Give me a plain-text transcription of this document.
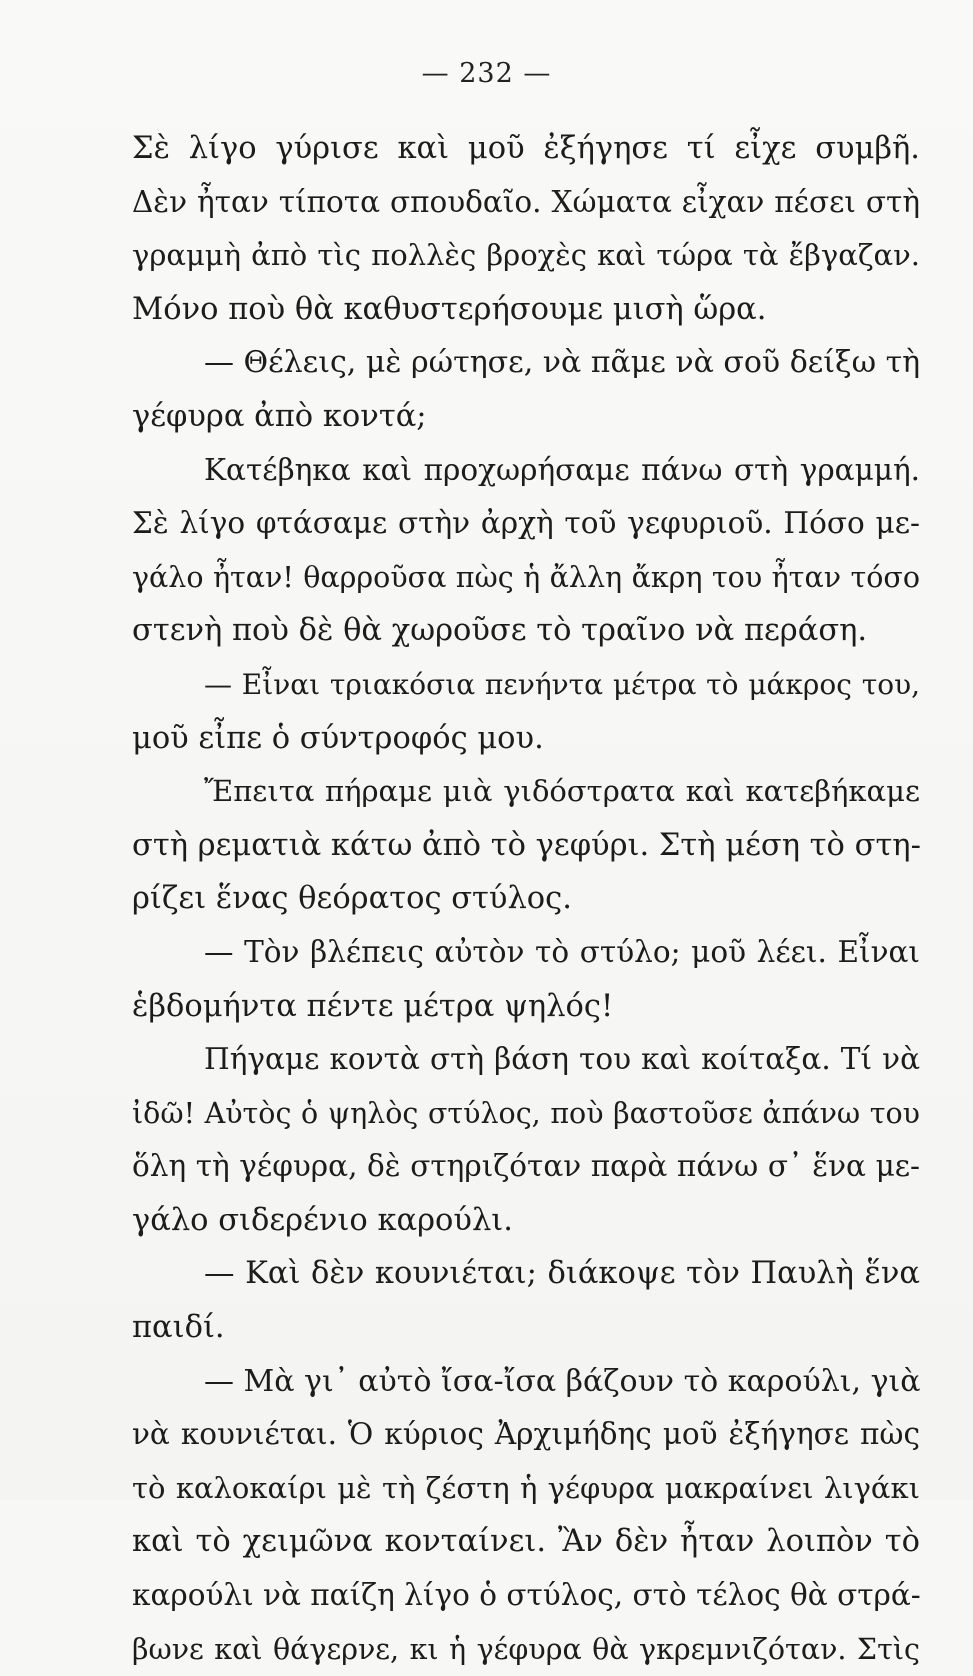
— 232 —
Σὲ λίγο γύρισε καὶ μοῦ ἐξήγησε τί εἶχε συμβῆ.
Δὲν ἦταν τίποτα σπουδαῖο. Χώματα εἶχαν πέσει στὴ
γραμμὴ ἀπὸ τὶς πολλὲς βροχὲς καὶ τώρα τὰ ἔβγαζαν.
Μόνο ποὺ θὰ καθυστερήσουμε μισὴ ὥρα.
— Θέλεις, μὲ ρώτησε, νὰ πᾶμε νὰ σοῦ δείξω τὴ
γέφυρα ἀπὸ κοντά;
Κατέβηκα καὶ προχωρήσαμε πάνω στὴ γραμμή.
Σὲ λίγο φτάσαμε στὴν ἀρχὴ τοῦ γεφυριοῦ. Πόσο με-
γάλο ἦταν! θαρροῦσα πὼς ἡ ἄλλη ἄκρη του ἦταν τόσο
στενὴ ποὺ δὲ θὰ χωροῦσε τὸ τραῖνο νὰ περάση.
— Εἶναι τριακόσια πενήντα μέτρα τὸ μάκρος του,
μοῦ εἶπε ὁ σύντροφός μου.
Ἔπειτα πήραμε μιὰ γιδόστρατα καὶ κατεβήκαμε
στὴ ρεματιὰ κάτω ἀπὸ τὸ γεφύρι. Στὴ μέση τὸ στη-
ρίζει ἕνας θεόρατος στύλος.
— Τὸν βλέπεις αὐτὸν τὸ στύλο; μοῦ λέει. Εἶναι
ἑβδομήντα πέντε μέτρα ψηλός!
Πήγαμε κοντὰ στὴ βάση του καὶ κοίταξα. Τί νὰ
ἰδῶ! Αὐτὸς ὁ ψηλὸς στύλος, ποὺ βαστοῦσε ἀπάνω του
ὅλη τὴ γέφυρα, δὲ στηριζόταν παρὰ πάνω σ᾽ ἕνα με-
γάλο σιδερένιο καρούλι.
— Καὶ δὲν κουνιέται; διάκοψε τὸν Παυλὴ ἕνα
παιδί.
— Μὰ γι᾽ αὐτὸ ἴσα-ἴσα βάζουν τὸ καρούλι, γιὰ
νὰ κουνιέται. Ὁ κύριος Ἀρχιμήδης μοῦ ἐξήγησε πὼς
τὸ καλοκαίρι μὲ τὴ ζέστη ἡ γέφυρα μακραίνει λιγάκι
καὶ τὸ χειμῶνα κονταίνει. Ἂν δὲν ἦταν λοιπὸν τὸ
καρούλι νὰ παίζη λίγο ὁ στύλος, στὸ τέλος θὰ στρά-
βωνε καὶ θάγερνε, κι ἡ γέφυρα θὰ γκρεμνιζόταν. Στὶς
